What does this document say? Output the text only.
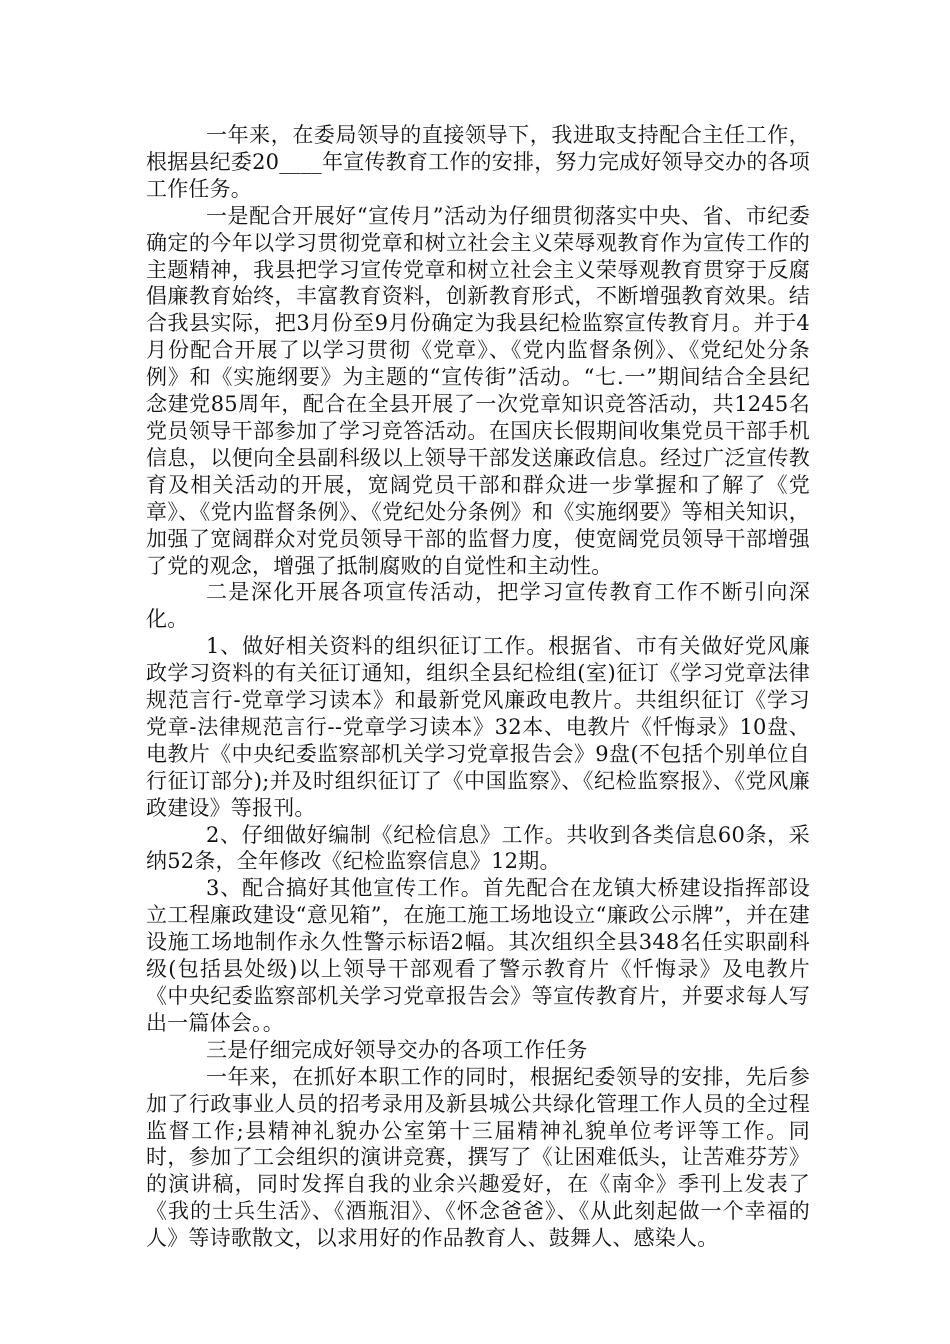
一年来，在委局领导的直接领导下，我进取支持配合主任工作，根据县纪委20____年宣传教育工作的安排，努力完成好领导交办的各项工作任务。

一是配合开展好“宣传月”活动为仔细贯彻落实中央、省、市纪委确定的今年以学习贯彻党章和树立社会主义荣辱观教育作为宣传工作的主题精神，我县把学习宣传党章和树立社会主义荣辱观教育贯穿于反腐倡廉教育始终，丰富教育资料，创新教育形式，不断增强教育效果。结合我县实际，把3月份至9月份确定为我县纪检监察宣传教育月。并于4月份配合开展了以学习贯彻《党章》、《党内监督条例》、《党纪处分条例》和《实施纲要》为主题的“宣传街”活动。“七.一”期间结合全县纪念建党85周年，配合在全县开展了一次党章知识竞答活动，共1245名党员领导干部参加了学习竞答活动。在国庆长假期间收集党员干部手机信息，以便向全县副科级以上领导干部发送廉政信息。经过广泛宣传教育及相关活动的开展，宽阔党员干部和群众进一步掌握和了解了《党章》、《党内监督条例》、《党纪处分条例》和《实施纲要》等相关知识，加强了宽阔群众对党员领导干部的监督力度，使宽阔党员领导干部增强了党的观念，增强了抵制腐败的自觉性和主动性。

二是深化开展各项宣传活动，把学习宣传教育工作不断引向深化。

1、做好相关资料的组织征订工作。根据省、市有关做好党风廉政学习资料的有关征订通知，组织全县纪检组(室)征订《学习党章法律规范言行-党章学习读本》和最新党风廉政电教片。共组织征订《学习党章-法律规范言行--党章学习读本》32本、电教片《忏悔录》10盘、电教片《中央纪委监察部机关学习党章报告会》9盘(不包括个别单位自行征订部分);并及时组织征订了《中国监察》、《纪检监察报》、《党风廉政建设》等报刊。

2、仔细做好编制《纪检信息》工作。共收到各类信息60条，采纳52条，全年修改《纪检监察信息》12期。

3、配合搞好其他宣传工作。首先配合在龙镇大桥建设指挥部设立工程廉政建设“意见箱”，在施工施工场地设立“廉政公示牌”，并在建设施工场地制作永久性警示标语2幅。其次组织全县348名任实职副科级(包括县处级)以上领导干部观看了警示教育片《忏悔录》及电教片《中央纪委监察部机关学习党章报告会》等宣传教育片，并要求每人写出一篇体会。。

三是仔细完成好领导交办的各项工作任务

一年来，在抓好本职工作的同时，根据纪委领导的安排，先后参加了行政事业人员的招考录用及新县城公共绿化管理工作人员的全过程监督工作;县精神礼貌办公室第十三届精神礼貌单位考评等工作。同时，参加了工会组织的演讲竞赛，撰写了《让困难低头，让苦难芬芳》的演讲稿，同时发挥自我的业余兴趣爱好，在《南伞》季刊上发表了《我的士兵生活》、《酒瓶泪》、《怀念爸爸》、《从此刻起做一个幸福的人》等诗歌散文，以求用好的作品教育人、鼓舞人、感染人。
